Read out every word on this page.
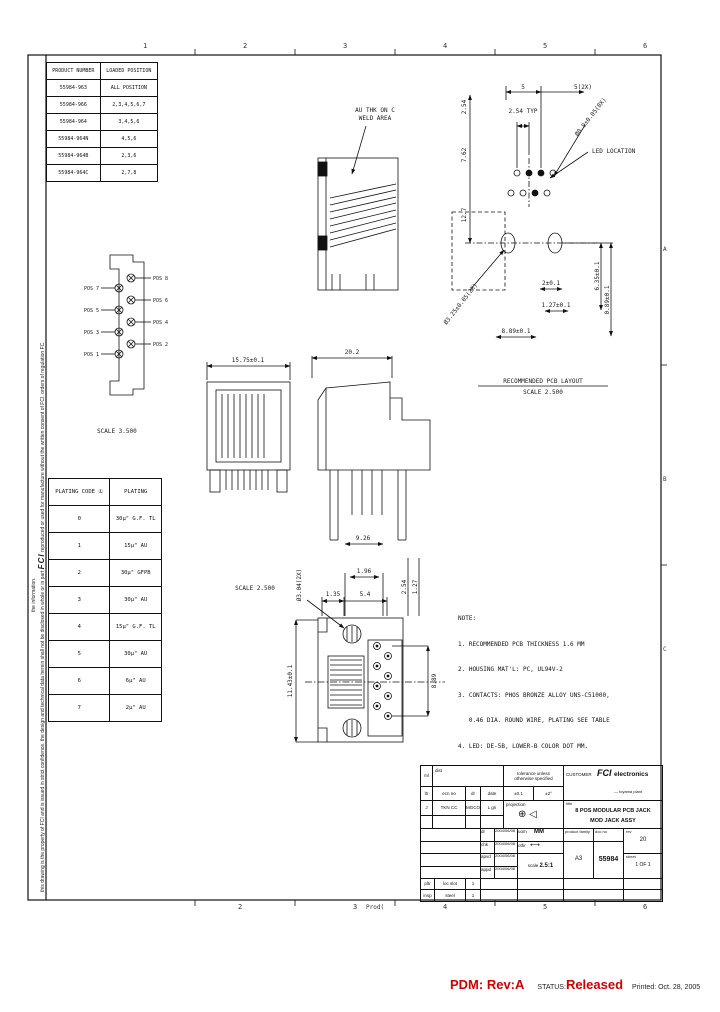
POS 7
POS 5
POS 3
POS 1
POS 8
POS 6
POS 4
POS 2
SCALE 3.500
AU THK ON C
WELD AREA
5	5(2X)
2.54 TYP
LED LOCATION
2±0.1
1.27±0.1
8.89±0.1
6.35±0.1
0.89±0.1
2.54
7.62
12.7
Ø0.9±0.05(8X)
Ø3.25±0.05(2X)
RECOMMENDED PCB LAYOUT
SCALE 2.500
15.75±0.1
20.2
9.26
SCALE 2.500
1.96
1.35	5.4
11.43±0.1
Ø3.04(2X)	2.54 1.27
8.89
1	2	3	4	5	6
2	3	4	5	6
Prod(
A
B
C
PRODUCT NUMBER	LOADED POSITION
55984-963	ALL POSITION
55984-966	2,3,4,5,6,7
55984-964	3,4,5,6
55984-964N	4,5,6
55984-964B	2,3,6
55984-964C	2,7,8
PLATING CODE ①	PLATING
0	30µ" G.F. TL
1	15µ" AU
2	30µ" GFPB
3	30µ" AU
4	15µ" G.F. TL
5	30µ" AU
6	6µ" AU
7	2µ" AU

NOTE:

1. RECOMMENDED PCB THICKNESS 1.6 MM

2. HOUSING MAT'L: PC, UL94V-2

3. CONTACTS: PHOS BRONZE ALLOY UNS-C51000,

0.46 DIA. ROUND WIRE, PLATING SEE TABLE

4. LED: DE-5B, LOWER-B COLOR DOT MM.

ml
dist
tolerance unless
otherwise specified
CUSTOMER FCI electronics
— toyama plant
ltr	ecn no	dr	date	±0.1	±2°
J	TKN CC	MGCO	L gn
projection
⊕ ◁
title
8 POS MODULAR PCB JACK
MOD JACK ASSY
dr	2004/06/08
chk	2004/06/08
apvd	2004/06/08
appd 2004/06/08
uom MM
othr ⟷
scale 2.5:1
product family	doc no
A3	55984
rev
20
sheet
1 OF 1
pltr	loc slot	1
insp	steel	1
the information. this drawing is the property of FCI and is issued in strict confidence. the design and technical data herein shall not be disclosed in whole or in part FCI reproduced or used for manufacture without the written consent of FCI. orders of regulation FC.
PDM: Rev:A STATUS: Released Printed: Oct. 28, 2005
